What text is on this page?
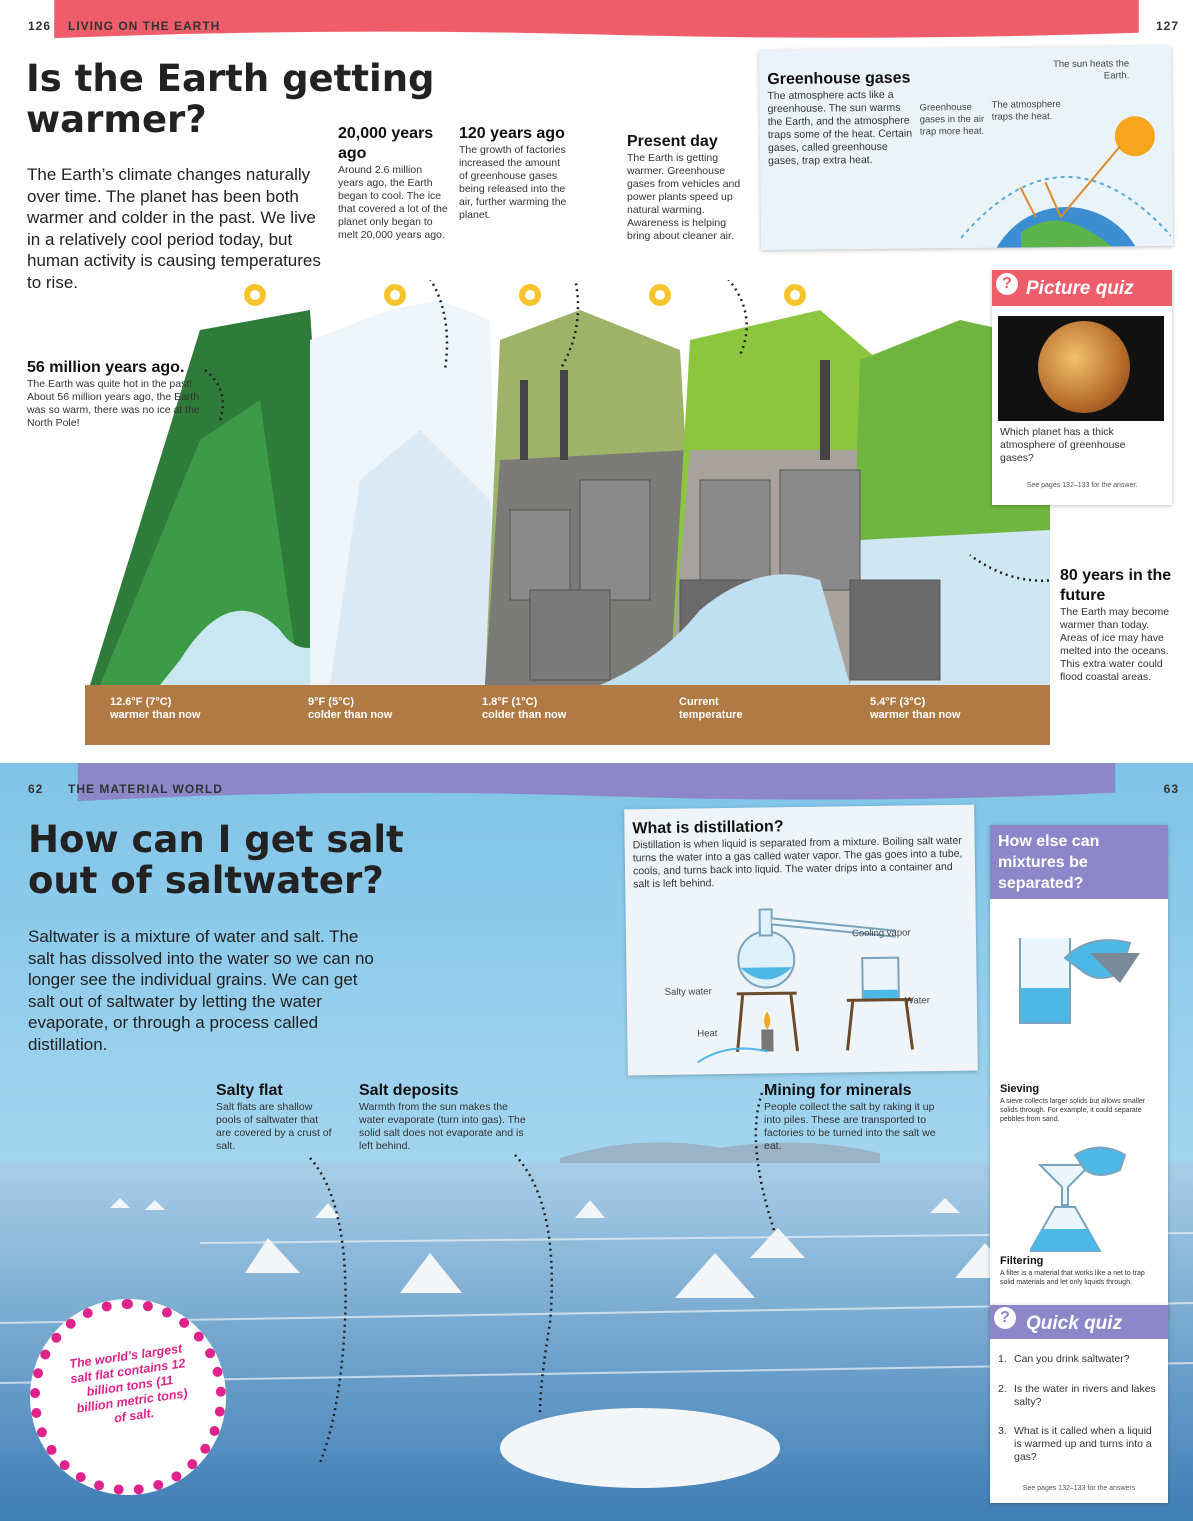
126 LIVING ON THE EARTH	127
Is the Earth getting
warmer?
The Earth’s climate changes naturally over time. The planet has been both warmer and colder in the past. We live in a relatively cool period today, but human activity is causing temperatures to rise.
56 million years ago.
The Earth was quite hot in the past! About 56 million years ago, the Earth was so warm, there was no ice at the North Pole!
20,000 years ago
Around 2.6 million years ago, the Earth began to cool. The ice that covered a lot of the planet only began to melt 20,000 years ago.
120 years ago
The growth of factories increased the amount of greenhouse gases being released into the air, further warming the planet.
Present day
The Earth is getting warmer. Greenhouse gases from vehicles and power plants speed up natural warming. Awareness is helping bring about cleaner air.
80 years in the future
The Earth may become warmer than today. Areas of ice may have melted into the oceans. This extra water could flood coastal areas.
12.6°F (7°C)
warmer than now
9°F (5°C)
colder than now
1.8°F (1°C)
colder than now
Current
temperature
5.4°F (3°C)
warmer than now
Greenhouse gases
The atmosphere acts like a greenhouse. The sun warms the Earth, and the atmosphere traps some of the heat. Certain gases, called greenhouse gases, trap extra heat.
The sun heats the Earth.
The atmosphere traps the heat.
Greenhouse gases in the air trap more heat.
? Picture quiz
Which planet has a thick atmosphere of greenhouse gases?
See pages 132–133 for the answer.
62 THE MATERIAL WORLD	63
How can I get salt
out of saltwater?
Saltwater is a mixture of water and salt. The salt has dissolved into the water so we can no longer see the individual grains. We can get salt out of saltwater by letting the water evaporate, or through a process called distillation.
Salty flat
Salt flats are shallow pools of saltwater that are covered by a crust of salt.
Salt deposits
Warmth from the sun makes the water evaporate (turn into gas). The solid salt does not evaporate and is left behind.
Mining for minerals
People collect the salt by raking it up into piles. These are transported to factories to be turned into the salt we eat.
What is distillation?
Distillation is when liquid is separated from a mixture. Boiling salt water turns the water into a gas called water vapor. The gas goes into a tube, cools, and turns back into liquid. The water drips into a container and salt is left behind.
Cooling vapor
Salty water
Water
Heat
How else can mixtures be separated?
Sieving
A sieve collects larger solids but allows smaller solids through. For example, it could separate pebbles from sand.
Filtering
A filter is a material that works like a net to trap solid materials and let only liquids through.
? Quick quiz
1. Can you drink saltwater?
2. Is the water in rivers and lakes salty?
3. What is it called when a liquid is warmed up and turns into a gas?
See pages 132–133 for the answers
The world’s largest salt flat contains 12 billion tons (11 billion metric tons) of salt.
